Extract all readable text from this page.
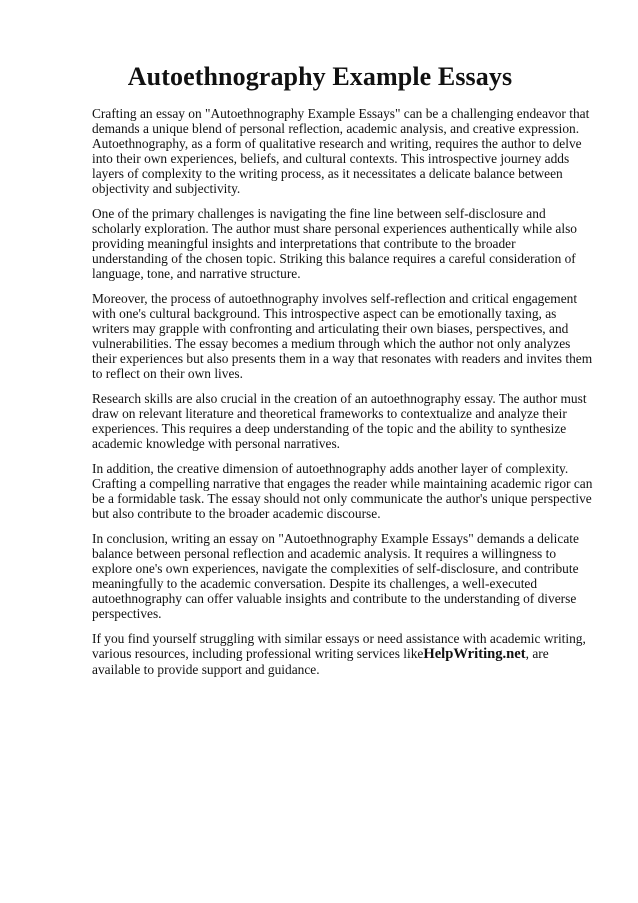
Autoethnography Example Essays

Crafting an essay on "Autoethnography Example Essays" can be a challenging endeavor that demands a unique blend of personal reflection, academic analysis, and creative expression. Autoethnography, as a form of qualitative research and writing, requires the author to delve into their own experiences, beliefs, and cultural contexts. This introspective journey adds layers of complexity to the writing process, as it necessitates a delicate balance between objectivity and subjectivity.

One of the primary challenges is navigating the fine line between self-disclosure and scholarly exploration. The author must share personal experiences authentically while also providing meaningful insights and interpretations that contribute to the broader understanding of the chosen topic. Striking this balance requires a careful consideration of language, tone, and narrative structure.

Moreover, the process of autoethnography involves self-reflection and critical engagement with one's cultural background. This introspective aspect can be emotionally taxing, as writers may grapple with confronting and articulating their own biases, perspectives, and vulnerabilities. The essay becomes a medium through which the author not only analyzes their experiences but also presents them in a way that resonates with readers and invites them to reflect on their own lives.

Research skills are also crucial in the creation of an autoethnography essay. The author must draw on relevant literature and theoretical frameworks to contextualize and analyze their experiences. This requires a deep understanding of the topic and the ability to synthesize academic knowledge with personal narratives.

In addition, the creative dimension of autoethnography adds another layer of complexity. Crafting a compelling narrative that engages the reader while maintaining academic rigor can be a formidable task. The essay should not only communicate the author's unique perspective but also contribute to the broader academic discourse.

In conclusion, writing an essay on "Autoethnography Example Essays" demands a delicate balance between personal reflection and academic analysis. It requires a willingness to explore one's own experiences, navigate the complexities of self-disclosure, and contribute meaningfully to the academic conversation. Despite its challenges, a well-executed autoethnography can offer valuable insights and contribute to the understanding of diverse perspectives.

If you find yourself struggling with similar essays or need assistance with academic writing, various resources, including professional writing services likeHelpWriting.net, are available to provide support and guidance.
